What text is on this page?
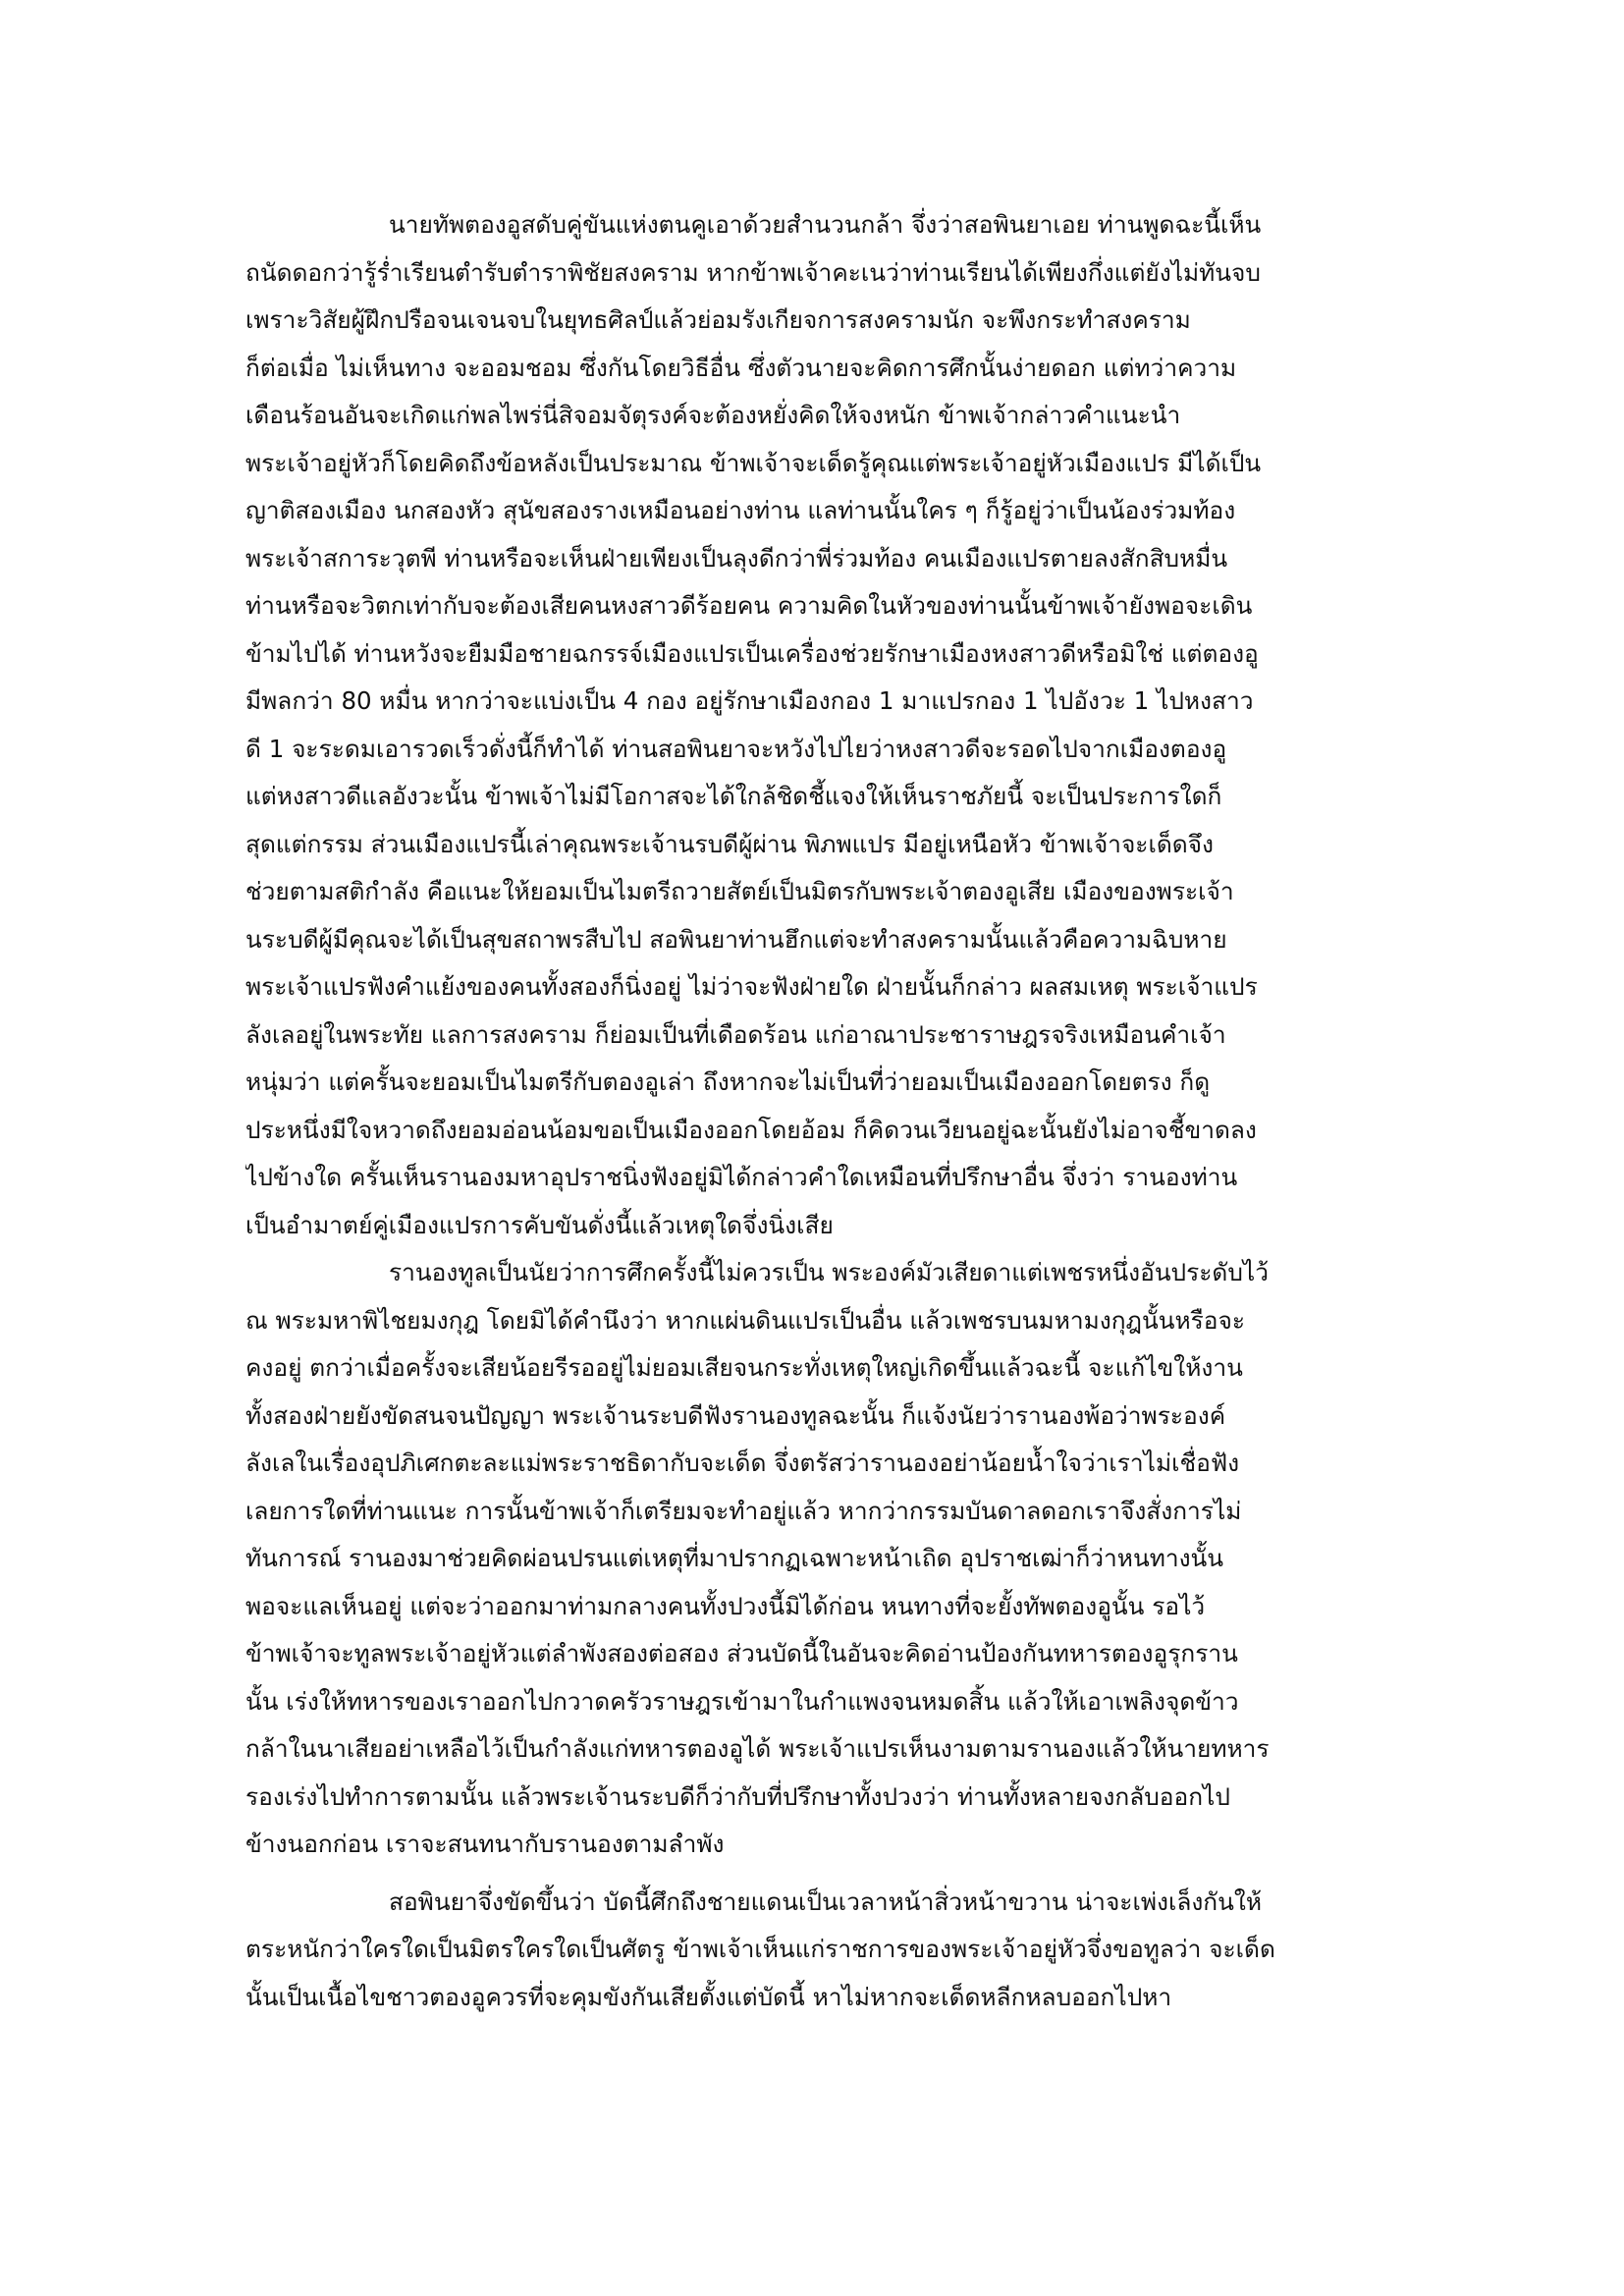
นายทัพตองอูสดับคู่ขันแห่งตนคูเอาด้วยสำนวนกล้า จึ่งว่าสอพินยาเอย ท่านพูดฉะนี้เห็น
ถนัดดอกว่ารู้ร่ำเรียนตำรับตำราพิชัยสงคราม หากข้าพเจ้าคะเนว่าท่านเรียนได้เพียงกึ่งแต่ยังไม่ทันจบ
เพราะวิสัยผู้ฝึกปรือจนเจนจบในยุทธศิลป์แล้วย่อมรังเกียจการสงครามนัก จะพึงกระทำสงคราม
ก็ต่อเมื่อ ไม่เห็นทาง จะออมชอม ซึ่งกันโดยวิธีอื่น ซึ่งตัวนายจะคิดการศึกนั้นง่ายดอก แต่ทว่าความ
เดือนร้อนอันจะเกิดแก่พลไพร่นี่สิจอมจัตุรงค์จะต้องหยั่งคิดให้จงหนัก ข้าพเจ้ากล่าวคำแนะนำ
พระเจ้าอยู่หัวก็โดยคิดถึงข้อหลังเป็นประมาณ ข้าพเจ้าจะเด็ดรู้คุณแต่พระเจ้าอยู่หัวเมืองแปร มีได้เป็น
ญาติสองเมือง นกสองหัว สุนัขสองรางเหมือนอย่างท่าน แลท่านนั้นใคร ๆ ก็รู้อยู่ว่าเป็นน้องร่วมท้อง
พระเจ้าสการะวุตพี ท่านหรือจะเห็นฝ่ายเพียงเป็นลุงดีกว่าพี่ร่วมท้อง คนเมืองแปรตายลงสักสิบหมื่น
ท่านหรือจะวิตกเท่ากับจะต้องเสียคนหงสาวดีร้อยคน ความคิดในหัวของท่านนั้นข้าพเจ้ายังพอจะเดิน
ข้ามไปได้ ท่านหวังจะยืมมือชายฉกรรจ์เมืองแปรเป็นเครื่องช่วยรักษาเมืองหงสาวดีหรือมิใช่ แต่ตองอู
มีพลกว่า 80 หมื่น หากว่าจะแบ่งเป็น 4 กอง อยู่รักษาเมืองกอง 1 มาแปรกอง 1 ไปอังวะ 1 ไปหงสาว
ดี 1 จะระดมเอารวดเร็วดั่งนี้ก็ทำได้ ท่านสอพินยาจะหวังไปไยว่าหงสาวดีจะรอดไปจากเมืองตองอู
แต่หงสาวดีแลอังวะนั้น ข้าพเจ้าไม่มีโอกาสจะได้ใกล้ชิดชี้แจงให้เห็นราชภัยนี้ จะเป็นประการใดก็
สุดแต่กรรม ส่วนเมืองแปรนี้เล่าคุณพระเจ้านรบดีผู้ผ่าน พิภพแปร มีอยู่เหนือหัว ข้าพเจ้าจะเด็ดจึง
ช่วยตามสติกำลัง คือแนะให้ยอมเป็นไมตรีถวายสัตย์เป็นมิตรกับพระเจ้าตองอูเสีย เมืองของพระเจ้า
นระบดีผู้มีคุณจะได้เป็นสุขสถาพรสืบไป สอพินยาท่านฮึกแต่จะทำสงครามนั้นแล้วคือความฉิบหาย
พระเจ้าแปรฟังคำแย้งของคนทั้งสองก็นิ่งอยู่ ไม่ว่าจะฟังฝ่ายใด ฝ่ายนั้นก็กล่าว ผลสมเหตุ พระเจ้าแปร
ลังเลอยู่ในพระทัย แลการสงคราม ก็ย่อมเป็นที่เดือดร้อน แก่อาณาประชาราษฎรจริงเหมือนคำเจ้า
หนุ่มว่า แต่ครั้นจะยอมเป็นไมตรีกับตองอูเล่า ถึงหากจะไม่เป็นที่ว่ายอมเป็นเมืองออกโดยตรง ก็ดู
ประหนึ่งมีใจหวาดถึงยอมอ่อนน้อมขอเป็นเมืองออกโดยอ้อม ก็คิดวนเวียนอยู่ฉะนั้นยังไม่อาจชี้ขาดลง
ไปข้างใด ครั้นเห็นรานองมหาอุปราชนิ่งฟังอยู่มิได้กล่าวคำใดเหมือนที่ปรึกษาอื่น จึ่งว่า รานองท่าน
เป็นอำมาตย์คู่เมืองแปรการคับขันดั่งนี้แล้วเหตุใดจึ่งนิ่งเสีย
รานองทูลเป็นนัยว่าการศึกครั้งนี้ไม่ควรเป็น พระองค์มัวเสียดาแต่เพชรหนึ่งอันประดับไว้
ณ พระมหาพิไชยมงกุฎ โดยมิได้คำนึงว่า หากแผ่นดินแปรเป็นอื่น แล้วเพชรบนมหามงกุฎนั้นหรือจะ
คงอยู่ ตกว่าเมื่อครั้งจะเสียน้อยรีรออยู่ไม่ยอมเสียจนกระทั่งเหตุใหญ่เกิดขึ้นแล้วฉะนี้ จะแก้ไขให้งาน
ทั้งสองฝ่ายยังขัดสนจนปัญญา พระเจ้านระบดีฟังรานองทูลฉะนั้น ก็แจ้งนัยว่ารานองพ้อว่าพระองค์
ลังเลในเรื่องอุปภิเศกตะละแม่พระราชธิดากับจะเด็ด จึ่งตรัสว่ารานองอย่าน้อยน้ำใจว่าเราไม่เชื่อฟัง
เลยการใดที่ท่านแนะ การนั้นข้าพเจ้าก็เตรียมจะทำอยู่แล้ว หากว่ากรรมบันดาลดอกเราจึงสั่งการไม่
ทันการณ์ รานองมาช่วยคิดผ่อนปรนแต่เหตุที่มาปรากฏเฉพาะหน้าเถิด อุปราชเฒ่าก็ว่าหนทางนั้น
พอจะแลเห็นอยู่ แต่จะว่าออกมาท่ามกลางคนทั้งปวงนี้มิได้ก่อน หนทางที่จะยั้งทัพตองอูนั้น รอไว้
ข้าพเจ้าจะทูลพระเจ้าอยู่หัวแต่ลำพังสองต่อสอง ส่วนบัดนี้ในอันจะคิดอ่านป้องกันทหารตองอูรุกราน
นั้น เร่งให้ทหารของเราออกไปกวาดครัวราษฎรเข้ามาในกำแพงจนหมดสิ้น แล้วให้เอาเพลิงจุดข้าว
กล้าในนาเสียอย่าเหลือไว้เป็นกำลังแก่ทหารตองอูได้ พระเจ้าแปรเห็นงามตามรานองแล้วให้นายทหาร
รองเร่งไปทำการตามนั้น แล้วพระเจ้านระบดีก็ว่ากับที่ปรึกษาทั้งปวงว่า ท่านทั้งหลายจงกลับออกไป
ข้างนอกก่อน เราจะสนทนากับรานองตามลำพัง
สอพินยาจึ่งขัดขึ้นว่า บัดนี้ศึกถึงชายแดนเป็นเวลาหน้าสิ่วหน้าขวาน น่าจะเพ่งเล็งกันให้
ตระหนักว่าใครใดเป็นมิตรใครใดเป็นศัตรู ข้าพเจ้าเห็นแก่ราชการของพระเจ้าอยู่หัวจึ่งขอทูลว่า จะเด็ด
นั้นเป็นเนื้อไขชาวตองอูควรที่จะคุมขังกันเสียตั้งแต่บัดนี้ หาไม่หากจะเด็ดหลีกหลบออกไปหา
